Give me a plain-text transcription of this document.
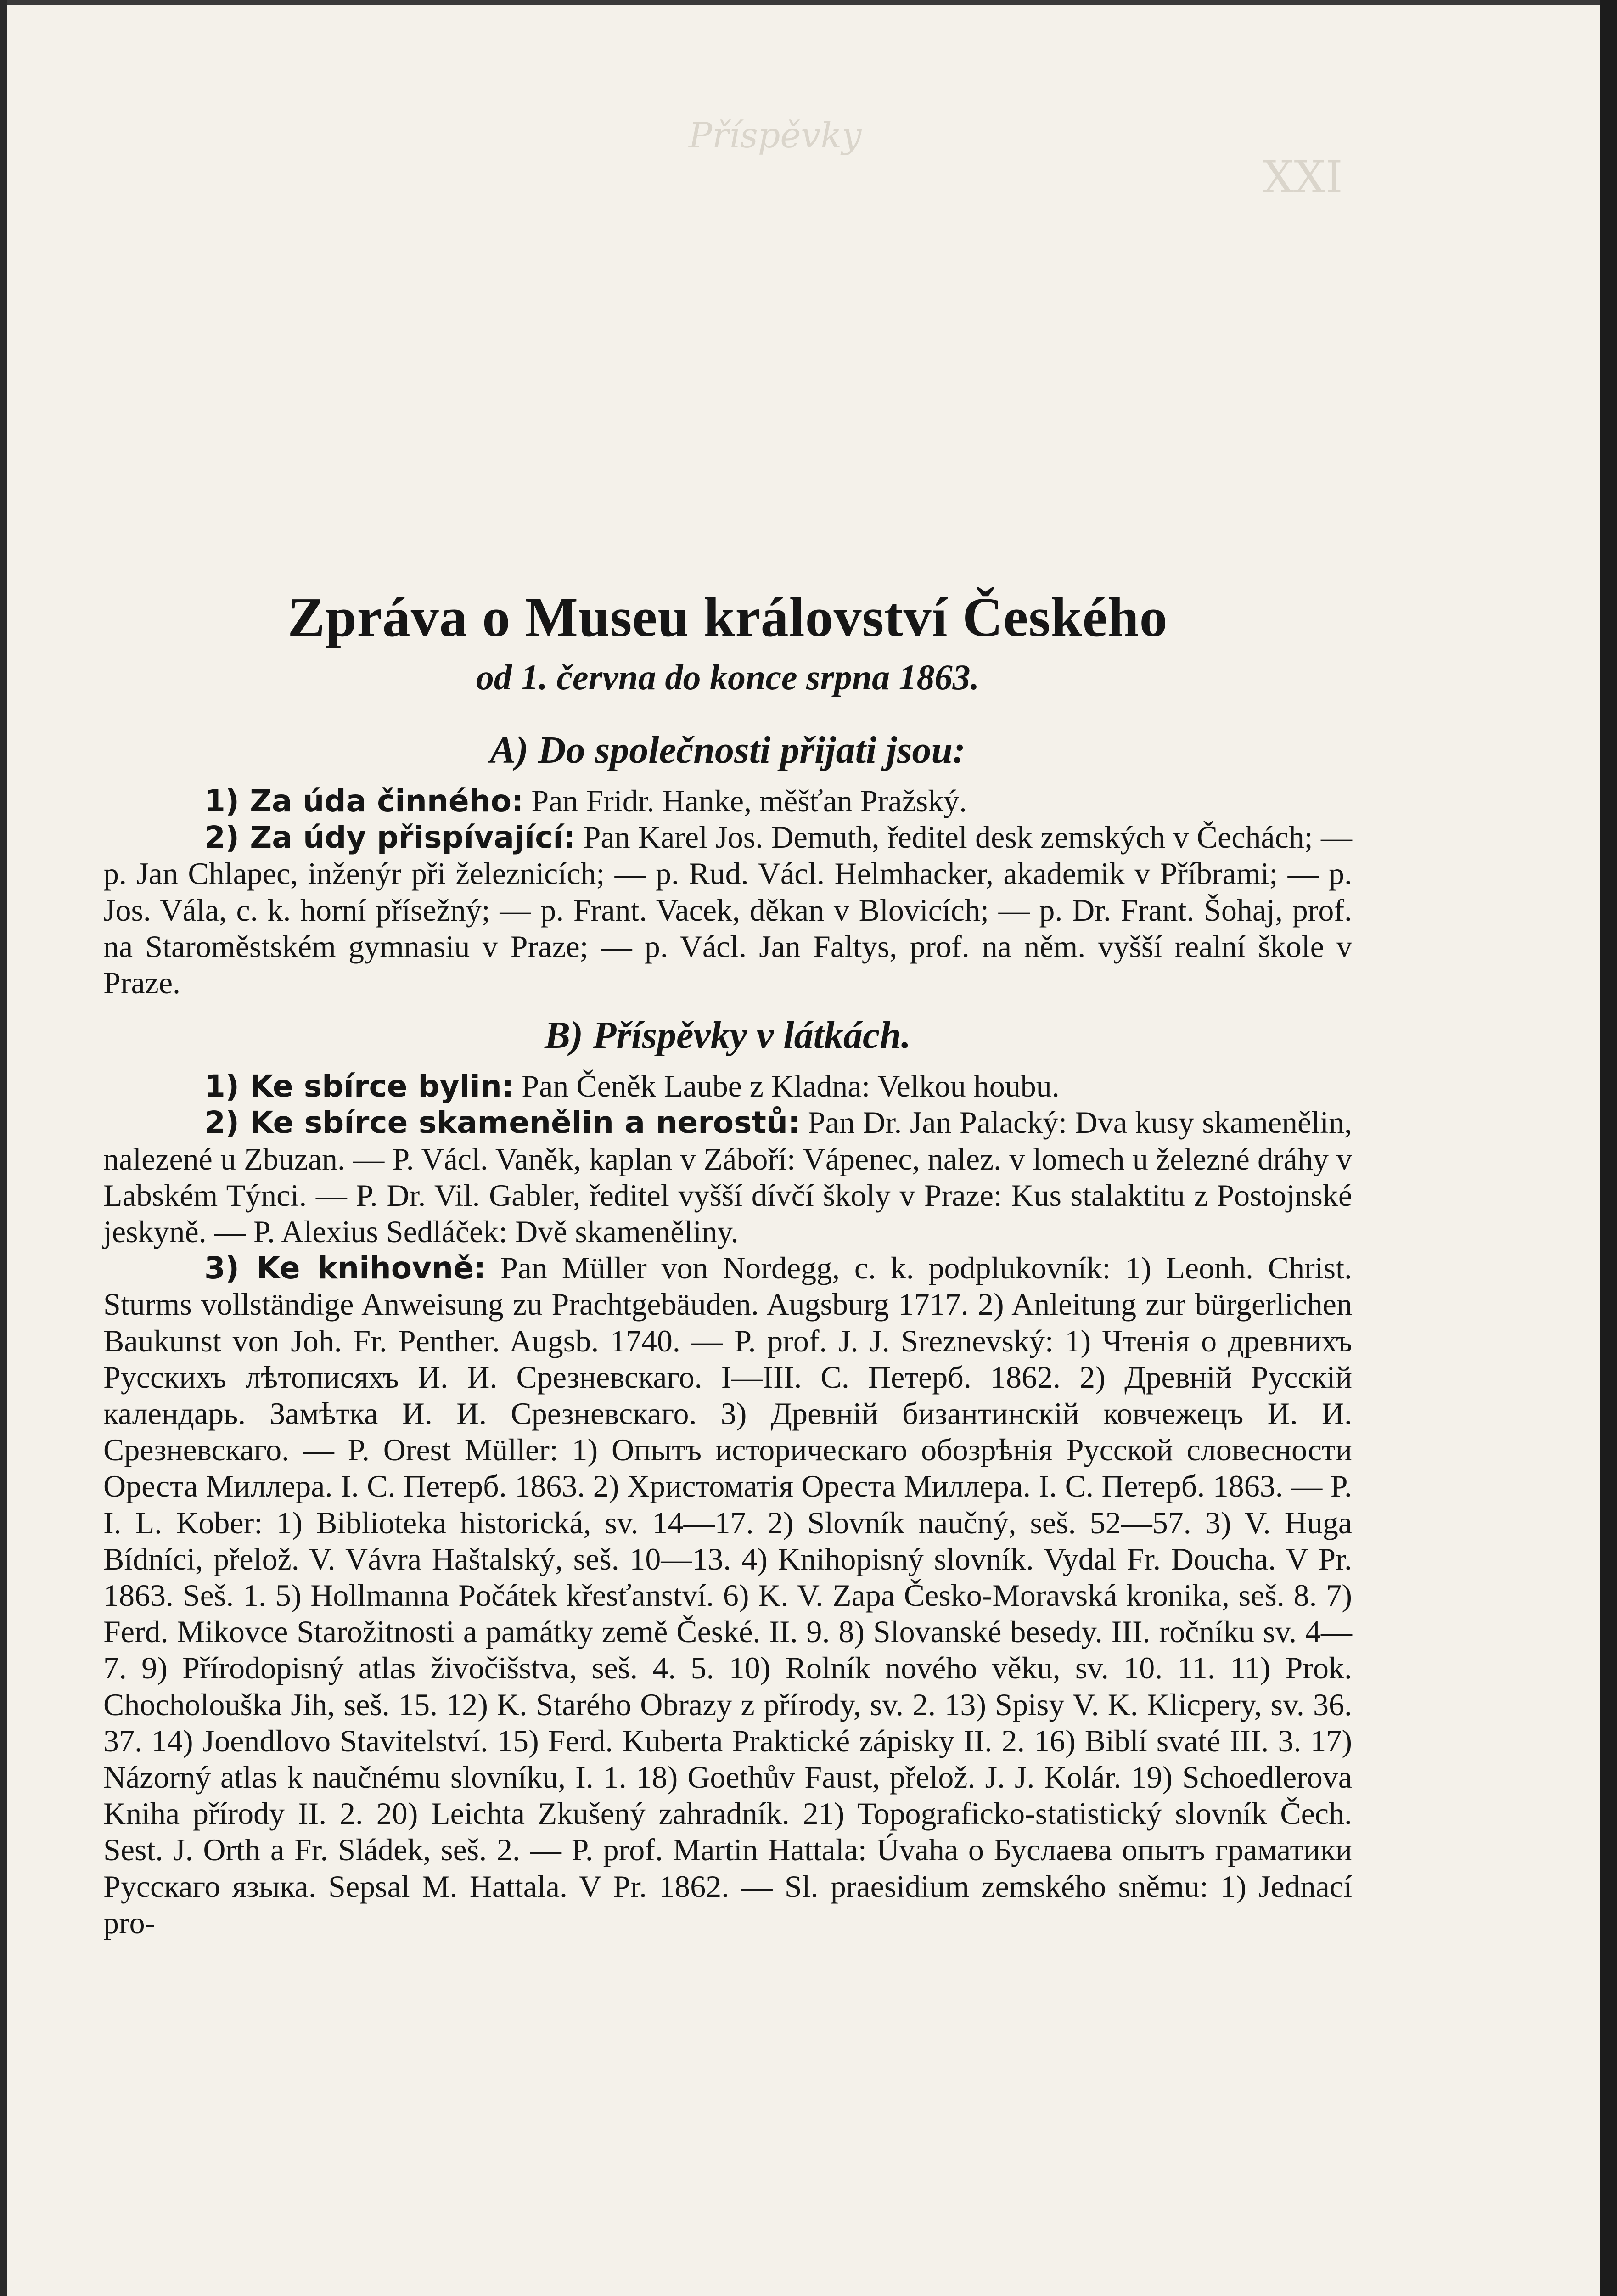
Příspěvky
XXI
Zpráva o Museu království Českého
od 1. června do konce srpna 1863.
A) Do společnosti přijati jsou:

1) Za úda činného: Pan Fridr. Hanke, měšťan Pražský.

2) Za údy přispívající: Pan Karel Jos. Demuth, ředitel desk zemských v Čechách; — p. Jan Chlapec, inženýr při železnicích; — p. Rud. Václ. Helmhacker, akademik v Příbrami; — p. Jos. Vála, c. k. horní přísežný; — p. Frant. Vacek, děkan v Blovicích; — p. Dr. Frant. Šohaj, prof. na Staroměstském gymnasiu v Praze; — p. Václ. Jan Faltys, prof. na něm. vyšší realní škole v Praze.

B) Příspěvky v látkách.

1) Ke sbírce bylin: Pan Čeněk Laube z Kladna: Velkou houbu.

2) Ke sbírce skamenělin a nerostů: Pan Dr. Jan Palacký: Dva kusy skamenělin, nalezené u Zbuzan. — P. Václ. Vaněk, kaplan v Záboří: Vápenec, nalez. v lomech u železné dráhy v Labském Týnci. — P. Dr. Vil. Gabler, ředitel vyšší dívčí školy v Praze: Kus stalaktitu z Postojnské jeskyně. — P. Alexius Sedláček: Dvě skameněliny.

3) Ke knihovně: Pan Müller von Nordegg, c. k. podplukovník: 1) Leonh. Christ. Sturms vollständige Anweisung zu Prachtgebäuden. Augsburg 1717. 2) Anleitung zur bürgerlichen Baukunst von Joh. Fr. Penther. Augsb. 1740. — P. prof. J. J. Sreznevský: 1) Чтенія о древнихъ Русскихъ лѣтописяхъ И. И. Срезневскаго. I—III. С. Петерб. 1862. 2) Древній Русскій календарь. Замѣтка И. И. Срезневскаго. 3) Древній бизантинскій ковчежецъ И. И. Срезневскаго. — P. Orest Müller: 1) Опытъ историческаго обозрѣнія Русской словесности Ореста Миллера. I. С. Петерб. 1863. 2) Христоматія Ореста Миллера. I. С. Петерб. 1863. — P. I. L. Kober: 1) Biblioteka historická, sv. 14—17. 2) Slovník naučný, seš. 52—57. 3) V. Huga Bídníci, přelož. V. Vávra Haštalský, seš. 10—13. 4) Knihopisný slovník. Vydal Fr. Doucha. V Pr. 1863. Seš. 1. 5) Hollmanna Počátek křesťanství. 6) K. V. Zapa Česko-Moravská kronika, seš. 8. 7) Ferd. Mikovce Starožitnosti a památky země České. II. 9. 8) Slovanské besedy. III. ročníku sv. 4—7. 9) Přírodopisný atlas živočišstva, seš. 4. 5. 10) Rolník nového věku, sv. 10. 11. 11) Prok. Chocholouška Jih, seš. 15. 12) K. Starého Obrazy z přírody, sv. 2. 13) Spisy V. K. Klicpery, sv. 36. 37. 14) Joendlovo Stavitelství. 15) Ferd. Kuberta Praktické zápisky II. 2. 16) Biblí svaté III. 3. 17) Názorný atlas k naučnému slovníku, I. 1. 18) Goethův Faust, přelož. J. J. Kolár. 19) Schoedlerova Kniha přírody II. 2. 20) Leichta Zkušený zahradník. 21) Topograficko-statistický slovník Čech. Sest. J. Orth a Fr. Sládek, seš. 2. — P. prof. Martin Hattala: Úvaha o Буслаева опытъ граматики Русскаго языка. Sepsal M. Hattala. V Pr. 1862. — Sl. praesidium zemského sněmu: 1) Jednací pro-
